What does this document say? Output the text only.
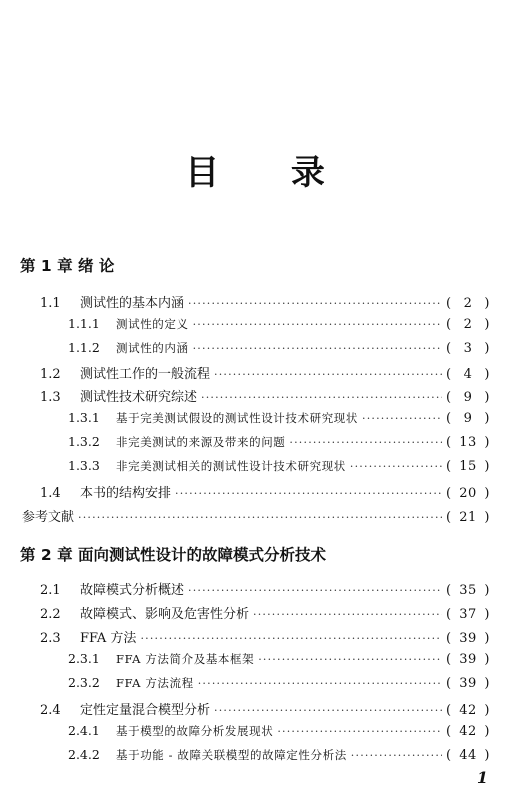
目 录
第 1 章 绪 论
1.1	测试性的基本内涵 ·····	( 2 )
1.1.1	测试性的定义 ·····	( 2 )
1.1.2	测试性的内涵 ·····	( 3 )
1.2	测试性工作的一般流程 ·····	( 4 )
1.3	测试性技术研究综述 ·····	( 9 )
1.3.1	基于完美测试假设的测试性设计技术研究现状 ·····	( 9 )
1.3.2	非完美测试的来源及带来的问题 ·····	( 13 )
1.3.3	非完美测试相关的测试性设计技术研究现状 ·····	( 15 )
1.4	本书的结构安排 ·····	( 20 )
参考文献 ·····	( 21 )
第 2 章 面向测试性设计的故障模式分析技术
2.1	故障模式分析概述 ·····	( 35 )
2.2	故障模式、影响及危害性分析 ·····	( 37 )
2.3	FFA 方法 ·····	( 39 )
2.3.1	FFA 方法简介及基本框架 ·····	( 39 )
2.3.2	FFA 方法流程 ·····	( 39 )
2.4	定性定量混合模型分析 ·····	( 42 )
2.4.1	基于模型的故障分析发展现状 ·····	( 42 )
2.4.2	基于功能 - 故障关联模型的故障定性分析法 ·····	( 44 )
1
